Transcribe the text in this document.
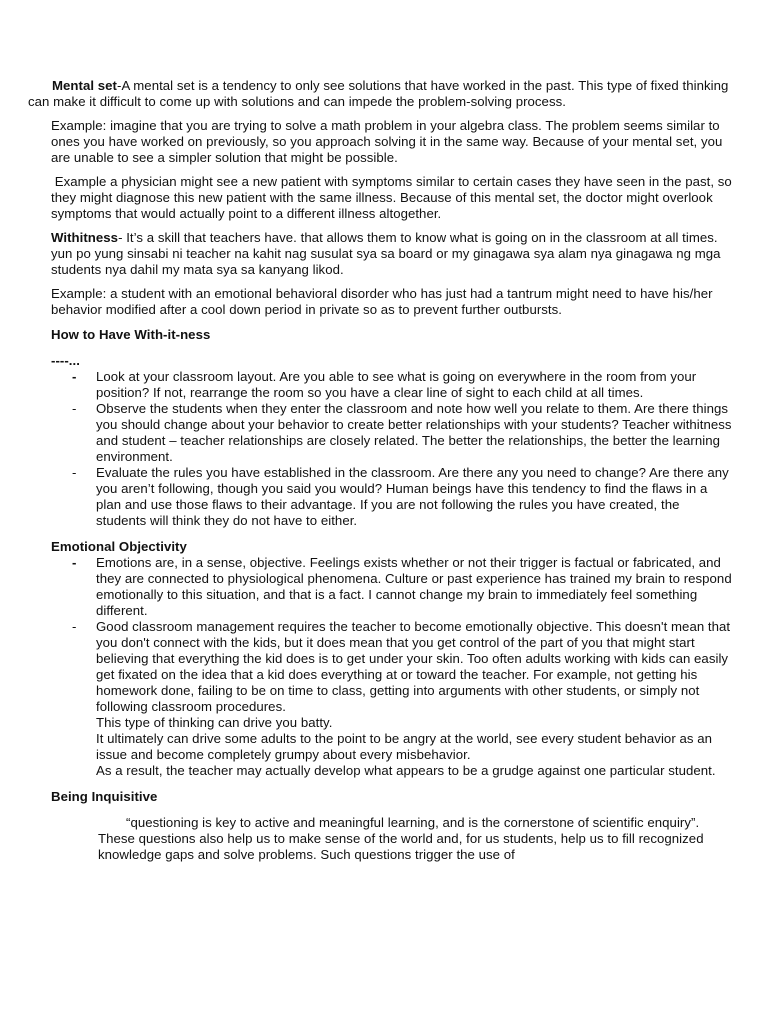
Mental set-A mental set is a tendency to only see solutions that have worked in the past. This type of fixed thinking can make it difficult to come up with solutions and can impede the problem-solving process.

Example: imagine that you are trying to solve a math problem in your algebra class. The problem seems similar to ones you have worked on previously, so you approach solving it in the same way. Because of your mental set, you are unable to see a simpler solution that might be possible.

Example a physician might see a new patient with symptoms similar to certain cases they have seen in the past, so they might diagnose this new patient with the same illness. Because of this mental set, the doctor might overlook symptoms that would actually point to a different illness altogether.

Withitness- It’s a skill that teachers have. that allows them to know what is going on in the classroom at all times. yun po yung sinsabi ni teacher na kahit nag susulat sya sa board or my ginagawa sya alam nya ginagawa ng mga students nya dahil my mata sya sa kanyang likod.

Example: a student with an emotional behavioral disorder who has just had a tantrum might need to have his/her behavior modified after a cool down period in private so as to prevent further outbursts.

How to Have With-it-ness

----...

- Look at your classroom layout. Are you able to see what is going on everywhere in the room from your position? If not, rearrange the room so you have a clear line of sight to each child at all times.
- Observe the students when they enter the classroom and note how well you relate to them. Are there things you should change about your behavior to create better relationships with your students? Teacher withitness and student – teacher relationships are closely related. The better the relationships, the better the learning environment.
- Evaluate the rules you have established in the classroom. Are there any you need to change? Are there any you aren’t following, though you said you would? Human beings have this tendency to find the flaws in a plan and use those flaws to their advantage. If you are not following the rules you have created, the students will think they do not have to either.

Emotional Objectivity

- Emotions are, in a sense, objective. Feelings exists whether or not their trigger is factual or fabricated, and they are connected to physiological phenomena. Culture or past experience has trained my brain to respond emotionally to this situation, and that is a fact. I cannot change my brain to immediately feel something different.
- Good classroom management requires the teacher to become emotionally objective. This doesn't mean that you don't connect with the kids, but it does mean that you get control of the part of you that might start believing that everything the kid does is to get under your skin. Too often adults working with kids can easily get fixated on the idea that a kid does everything at or toward the teacher. For example, not getting his homework done, failing to be on time to class, getting into arguments with other students, or simply not following classroom procedures.
This type of thinking can drive you batty.
It ultimately can drive some adults to the point to be angry at the world, see every student behavior as an issue and become completely grumpy about every misbehavior.
As a result, the teacher may actually develop what appears to be a grudge against one particular student.

Being Inquisitive

“questioning is key to active and meaningful learning, and is the cornerstone of scientific enquiry”. These questions also help us to make sense of the world and, for us students, help us to fill recognized knowledge gaps and solve problems. Such questions trigger the use of
